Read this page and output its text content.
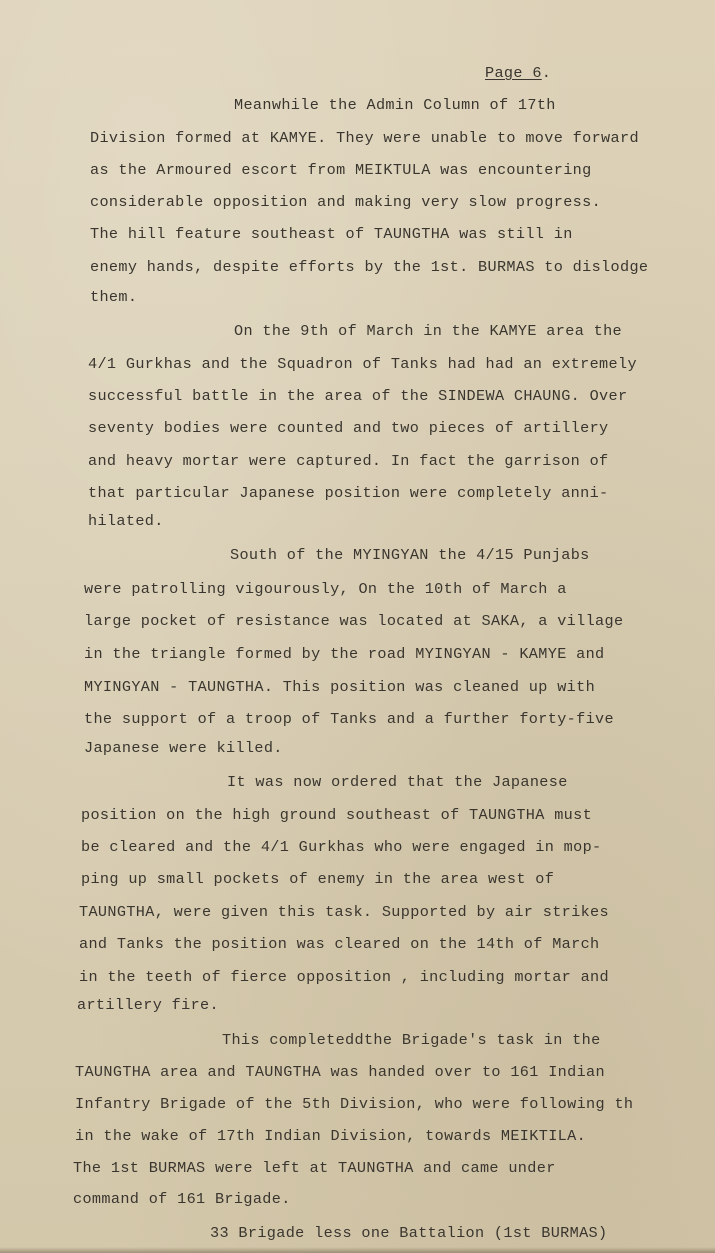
Page 6.
Meanwhile the Admin Column of 17th
Division formed at KAMYE. They were unable to move forward
as the Armoured escort from MEIKTULA was encountering
considerable opposition and making very slow progress.
The hill feature southeast of TAUNGTHA was still in
enemy hands, despite efforts by the 1st. BURMAS to dislodge
them.
On the 9th of March in the KAMYE area the
4/1 Gurkhas and the Squadron of Tanks had had an extremely
successful battle in the area of the SINDEWA CHAUNG. Over
seventy bodies were counted and two pieces of artillery
and heavy mortar were captured. In fact the garrison of
that particular Japanese position were completely anni-
hilated.
South of the MYINGYAN the 4/15 Punjabs
were patrolling vigourously, On the 10th of March a
large pocket of resistance was located at SAKA, a village
in the triangle formed by the road MYINGYAN - KAMYE and
MYINGYAN - TAUNGTHA. This position was cleaned up with
the support of a troop of Tanks and a further forty-five
Japanese were killed.
It was now ordered that the Japanese
position on the high ground southeast of TAUNGTHA must
be cleared and the 4/1 Gurkhas who were engaged in mop-
ping up small pockets of enemy in the area west of
TAUNGTHA, were given this task. Supported by air strikes
and Tanks the position was cleared on the 14th of March
in the teeth of fierce opposition , including mortar and
artillery fire.
This completeddthe Brigade's task in the
TAUNGTHA area and TAUNGTHA was handed over to 161 Indian
Infantry Brigade of the 5th Division, who were following th
in the wake of 17th Indian Division, towards MEIKTILA.
The 1st BURMAS were left at TAUNGTHA and came under
command of 161 Brigade.
33 Brigade less one Battalion (1st BURMAS)
